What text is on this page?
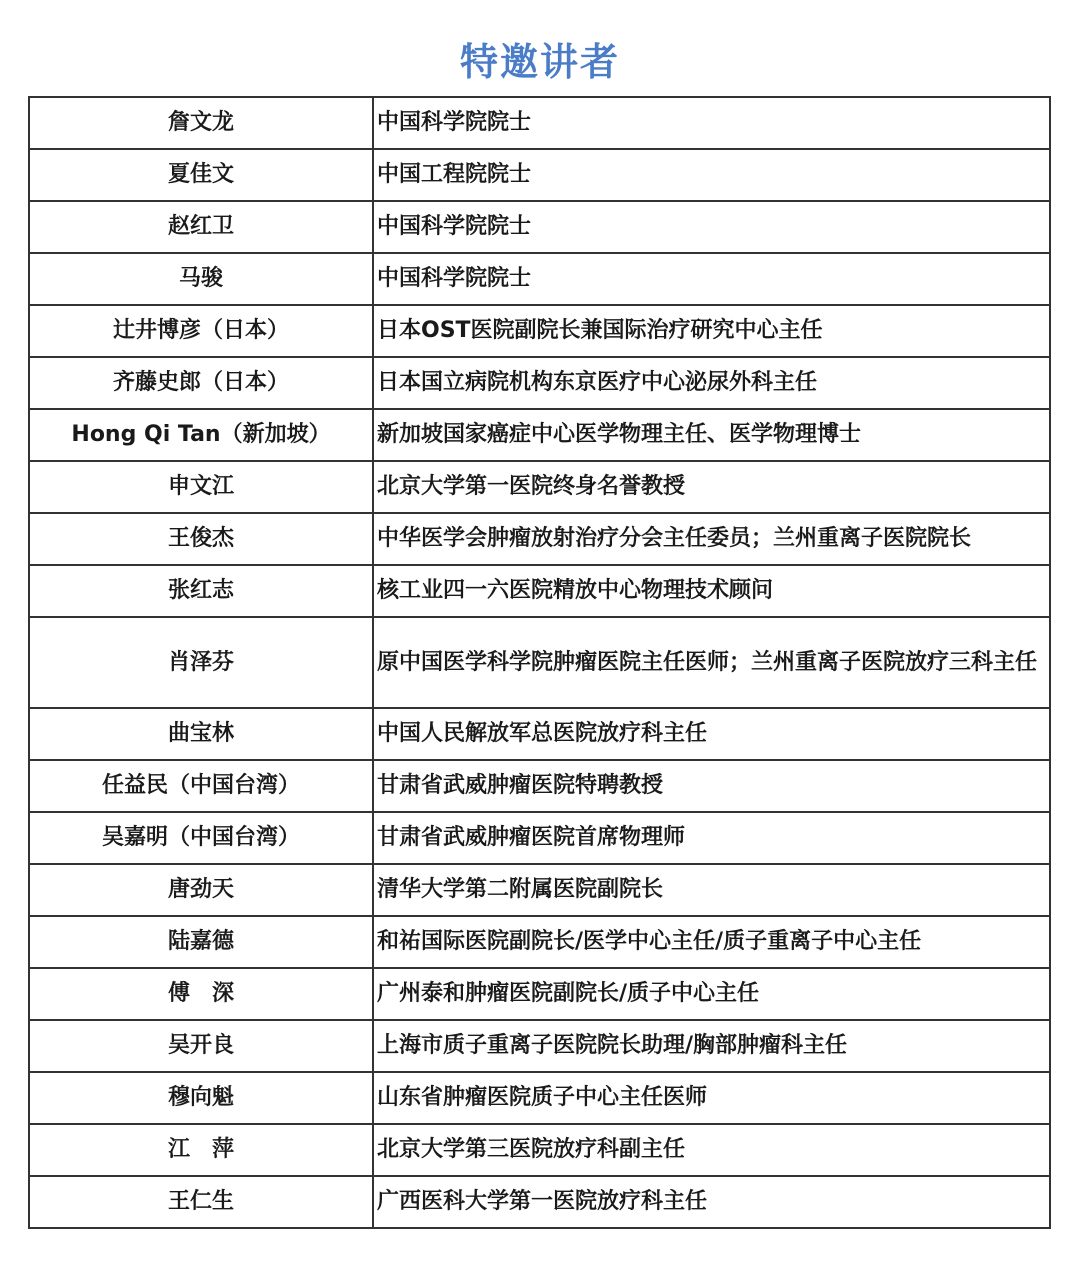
特邀讲者
詹文龙	中国科学院院士
夏佳文	中国工程院院士
赵红卫	中国科学院院士
马骏	中国科学院院士
辻井博彦（日本）	日本OST医院副院长兼国际治疗研究中心主任
齐藤史郎（日本）	日本国立病院机构东京医疗中心泌尿外科主任
Hong Qi Tan（新加坡）	新加坡国家癌症中心医学物理主任、医学物理博士
申文江	北京大学第一医院终身名誉教授
王俊杰	中华医学会肿瘤放射治疗分会主任委员；兰州重离子医院院长
张红志	核工业四一六医院精放中心物理技术顾问
肖泽芬	原中国医学科学院肿瘤医院主任医师；兰州重离子医院放疗三科主任
曲宝林	中国人民解放军总医院放疗科主任
任益民（中国台湾）	甘肃省武威肿瘤医院特聘教授
吴嘉明（中国台湾）	甘肃省武威肿瘤医院首席物理师
唐劲天	清华大学第二附属医院副院长
陆嘉德	和祐国际医院副院长/医学中心主任/质子重离子中心主任
傅　深	广州泰和肿瘤医院副院长/质子中心主任
吴开良	上海市质子重离子医院院长助理/胸部肿瘤科主任
穆向魁	山东省肿瘤医院质子中心主任医师
江　萍	北京大学第三医院放疗科副主任
王仁生	广西医科大学第一医院放疗科主任
